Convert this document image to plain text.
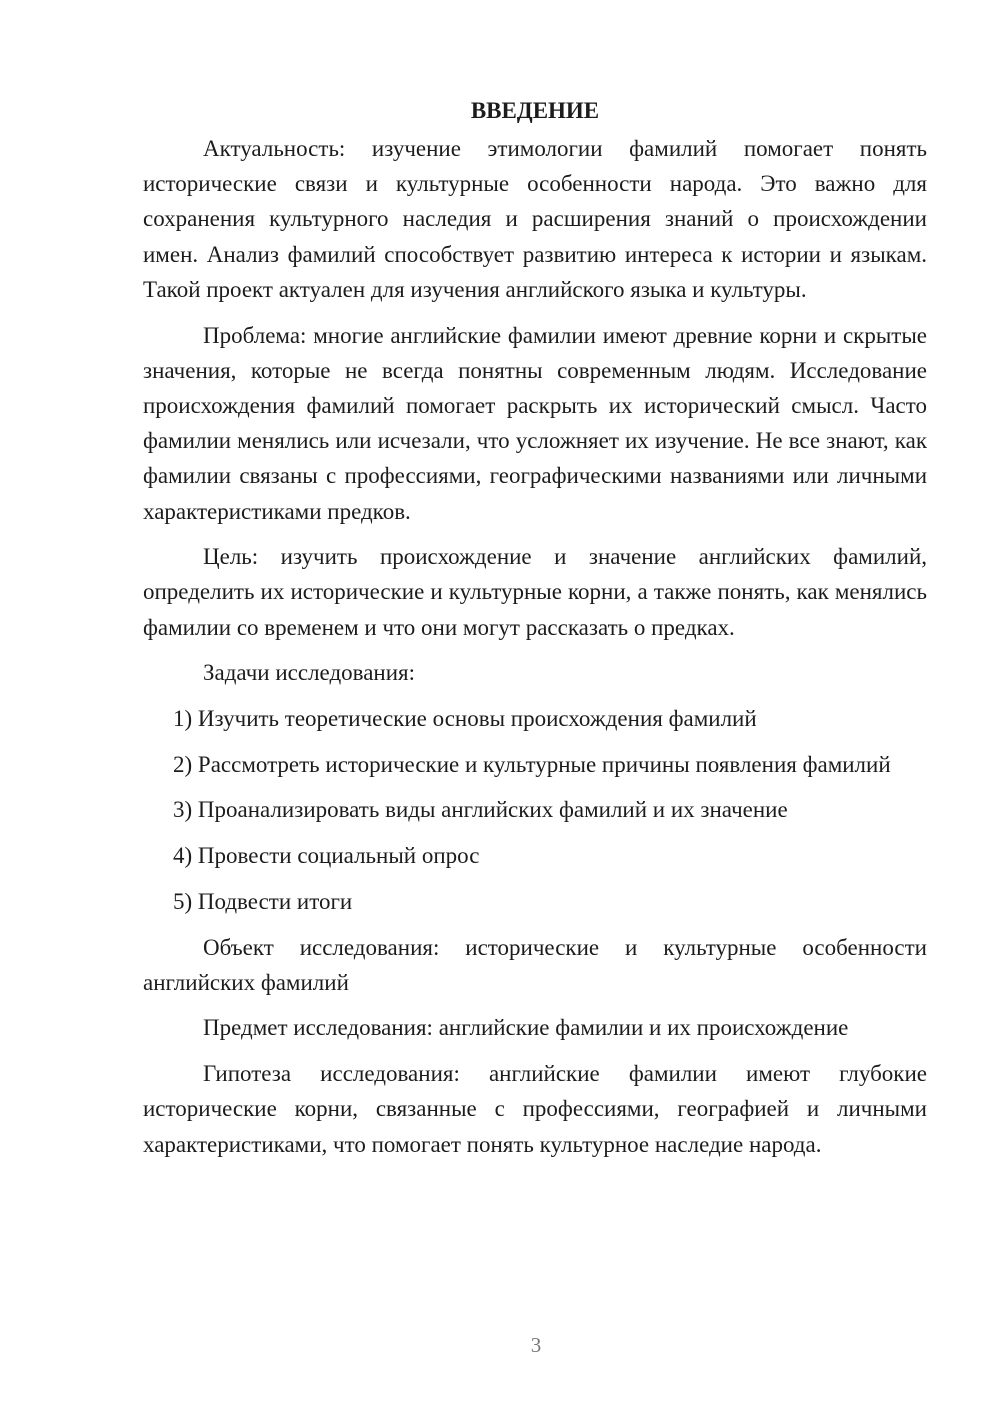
ВВЕДЕНИЕ

Актуальность: изучение этимологии фамилий помогает понять исторические связи и культурные особенности народа. Это важно для сохранения культурного наследия и расширения знаний о происхождении имен. Анализ фамилий способствует развитию интереса к истории и языкам. Такой проект актуален для изучения английского языка и культуры.

Проблема: многие английские фамилии имеют древние корни и скрытые значения, которые не всегда понятны современным людям. Исследование происхождения фамилий помогает раскрыть их исторический смысл. Часто фамилии менялись или исчезали, что усложняет их изучение. Не все знают, как фамилии связаны с профессиями, географическими названиями или личными характеристиками предков.

Цель: изучить происхождение и значение английских фамилий, определить их исторические и культурные корни, а также понять, как менялись фамилии со временем и что они могут рассказать о предках.

Задачи исследования:

1) Изучить теоретические основы происхождения фамилий

2) Рассмотреть исторические и культурные причины появления фамилий

3) Проанализировать виды английских фамилий и их значение

4) Провести социальный опрос

5) Подвести итоги

Объект исследования: исторические и культурные особенности английских фамилий

Предмет исследования: английские фамилии и их происхождение

Гипотеза исследования: английские фамилии имеют глубокие исторические корни, связанные с профессиями, географией и личными характеристиками, что помогает понять культурное наследие народа.

3
